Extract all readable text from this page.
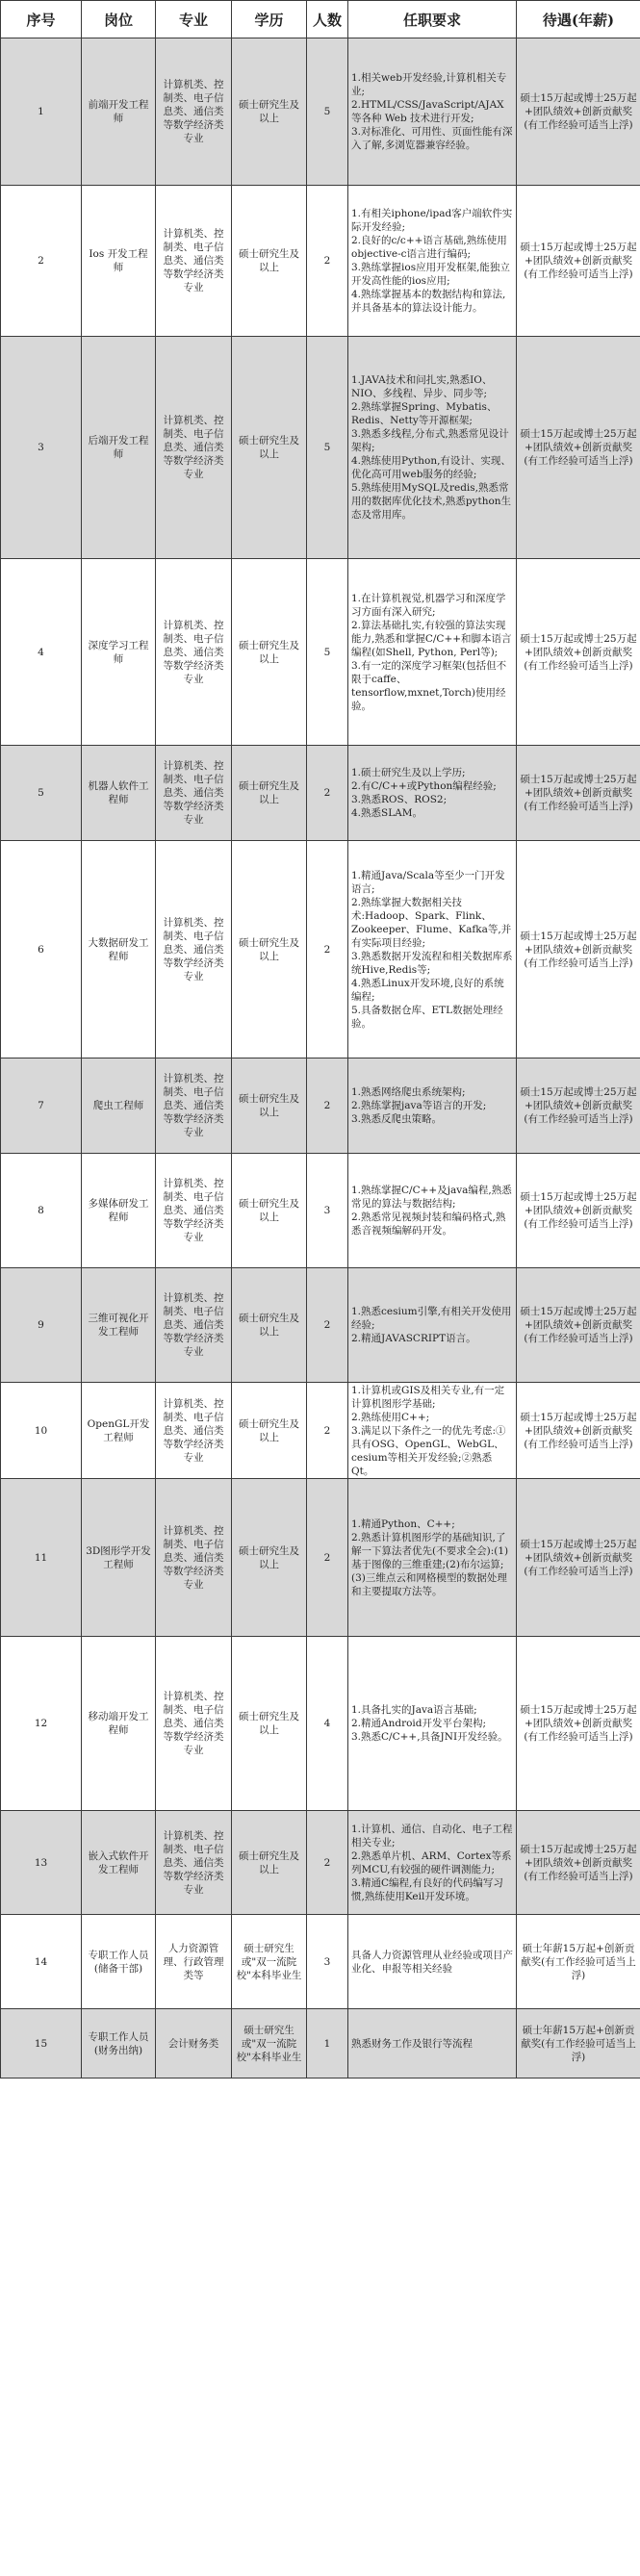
序号	岗位	专业	学历	人数	任职要求	待遇(年薪)
1	前端开发工程师	计算机类、控制类、电子信息类、通信类等数学经济类专业	硕士研究生及以上	5	1.相关web开发经验,计算机相关专业;
2.HTML/CSS/JavaScript/AJAX 等各种 Web 技术进行开发;
3.对标准化、可用性、页面性能有深入了解,多浏览器兼容经验。	硕士15万起或博士25万起+团队绩效+创新贡献奖(有工作经验可适当上浮)
2	Ios 开发工程师	计算机类、控制类、电子信息类、通信类等数学经济类专业	硕士研究生及以上	2	1.有相关iphone/ipad客户端软件实际开发经验;
2.良好的c/c++语言基础,熟练使用objective-c语言进行编码;
3.熟练掌握ios应用开发框架,能独立开发高性能的ios应用;
4.熟练掌握基本的数据结构和算法,并具备基本的算法设计能力。	硕士15万起或博士25万起+团队绩效+创新贡献奖(有工作经验可适当上浮)
3	后端开发工程师	计算机类、控制类、电子信息类、通信类等数学经济类专业	硕士研究生及以上	5	1.JAVA技术和问扎实,熟悉IO、NIO、多线程、异步、同步等;
2.熟练掌握Spring、Mybatis、Redis、Netty等开源框架;
3.熟悉多线程,分布式,熟悉常见设计架构;
4.熟练使用Python,有设计、实现、优化高可用web服务的经验;
5.熟练使用MySQL及redis,熟悉常用的数据库优化技术,熟悉python生态及常用库。	硕士15万起或博士25万起+团队绩效+创新贡献奖(有工作经验可适当上浮)
4	深度学习工程师	计算机类、控制类、电子信息类、通信类等数学经济类专业	硕士研究生及以上	5	1.在计算机视觉,机器学习和深度学习方面有深入研究;
2.算法基础扎实,有较强的算法实现能力,熟悉和掌握C/C++和脚本语言编程(如Shell, Python, Perl等);
3.有一定的深度学习框架(包括但不限于caffe、tensorflow,mxnet,Torch)使用经验。	硕士15万起或博士25万起+团队绩效+创新贡献奖(有工作经验可适当上浮)
5	机器人软件工程师	计算机类、控制类、电子信息类、通信类等数学经济类专业	硕士研究生及以上	2	1.硕士研究生及以上学历;
2.有C/C++或Python编程经验;
3.熟悉ROS、ROS2;
4.熟悉SLAM。	硕士15万起或博士25万起+团队绩效+创新贡献奖(有工作经验可适当上浮)
6	大数据研发工程师	计算机类、控制类、电子信息类、通信类等数学经济类专业	硕士研究生及以上	2	1.精通Java/Scala等至少一门开发语言;
2.熟练掌握大数据相关技术:Hadoop、Spark、Flink、Zookeeper、Flume、Kafka等,并有实际项目经验;
3.熟悉数据开发流程和相关数据库系统Hive,Redis等;
4.熟悉Linux开发环境,良好的系统编程;
5.具备数据仓库、ETL数据处理经验。	硕士15万起或博士25万起+团队绩效+创新贡献奖(有工作经验可适当上浮)
7	爬虫工程师	计算机类、控制类、电子信息类、通信类等数学经济类专业	硕士研究生及以上	2	1.熟悉网络爬虫系统架构;
2.熟练掌握java等语言的开发;
3.熟悉反爬虫策略。	硕士15万起或博士25万起+团队绩效+创新贡献奖(有工作经验可适当上浮)
8	多媒体研发工程师	计算机类、控制类、电子信息类、通信类等数学经济类专业	硕士研究生及以上	3	1.熟练掌握C/C++及java编程,熟悉常见的算法与数据结构;
2.熟悉常见视频封装和编码格式,熟悉音视频编解码开发。	硕士15万起或博士25万起+团队绩效+创新贡献奖(有工作经验可适当上浮)
9	三维可视化开发工程师	计算机类、控制类、电子信息类、通信类等数学经济类专业	硕士研究生及以上	2	1.熟悉cesium引擎,有相关开发使用经验;
2.精通JAVASCRIPT语言。	硕士15万起或博士25万起+团队绩效+创新贡献奖(有工作经验可适当上浮)
10	OpenGL开发工程师	计算机类、控制类、电子信息类、通信类等数学经济类专业	硕士研究生及以上	2	1.计算机或GIS及相关专业,有一定计算机图形学基础;
2.熟练使用C++;
3.满足以下条件之一的优先考虑:①具有OSG、OpenGL、WebGL、cesium等相关开发经验;②熟悉Qt。	硕士15万起或博士25万起+团队绩效+创新贡献奖(有工作经验可适当上浮)
11	3D图形学开发工程师	计算机类、控制类、电子信息类、通信类等数学经济类专业	硕士研究生及以上	2	1.精通Python、C++;
2.熟悉计算机图形学的基础知识,了解一下算法者优先(不要求全会):(1)基于图像的三维重建;(2)布尔运算;(3)三维点云和网格模型的数据处理和主要提取方法等。	硕士15万起或博士25万起+团队绩效+创新贡献奖(有工作经验可适当上浮)
12	移动端开发工程师	计算机类、控制类、电子信息类、通信类等数学经济类专业	硕士研究生及以上	4	1.具备扎实的Java语言基础;
2.精通Android开发平台架构;
3.熟悉C/C++,具备JNI开发经验。	硕士15万起或博士25万起+团队绩效+创新贡献奖(有工作经验可适当上浮)
13	嵌入式软件开发工程师	计算机类、控制类、电子信息类、通信类等数学经济类专业	硕士研究生及以上	2	1.计算机、通信、自动化、电子工程相关专业;
2.熟悉单片机、ARM、Cortex等系列MCU,有较强的硬件调测能力;
3.精通C编程,有良好的代码编写习惯,熟练使用Keil开发环境。	硕士15万起或博士25万起+团队绩效+创新贡献奖(有工作经验可适当上浮)
14	专职工作人员(储备干部)	人力资源管理、行政管理类等	硕士研究生或"双一流院校"本科毕业生	3	具备人力资源管理从业经验或项目产业化、申报等相关经验	硕士年薪15万起+创新贡献奖(有工作经验可适当上浮)
15	专职工作人员(财务出纳)	会计财务类	硕士研究生或"双一流院校"本科毕业生	1	熟悉财务工作及银行等流程	硕士年薪15万起+创新贡献奖(有工作经验可适当上浮)
